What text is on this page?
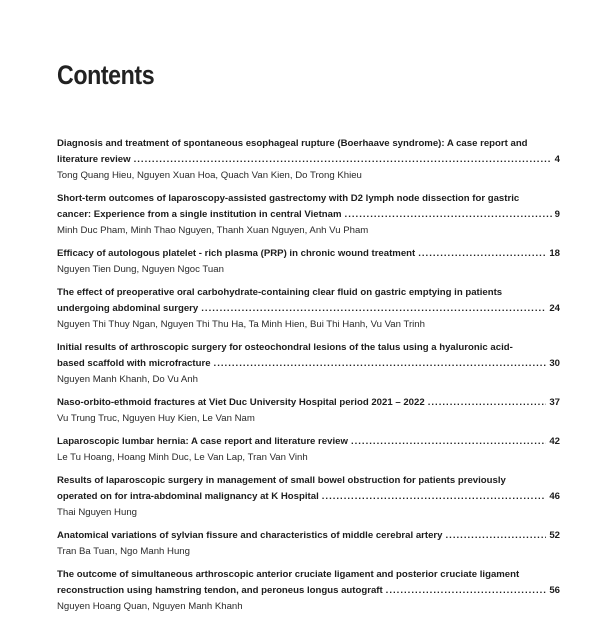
Contents
Diagnosis and treatment of spontaneous esophageal rupture (Boerhaave syndrome): A case report and
literature review .....	4
Tong Quang Hieu, Nguyen Xuan Hoa, Quach Van Kien, Do Trong Khieu
Short-term outcomes of laparoscopy-assisted gastrectomy with D2 lymph node dissection for gastric
cancer: Experience from a single institution in central Vietnam .....	9
Minh Duc Pham, Minh Thao Nguyen, Thanh Xuan Nguyen, Anh Vu Pham
Efficacy of autologous platelet - rich plasma (PRP) in chronic wound treatment .....	18
Nguyen Tien Dung, Nguyen Ngoc Tuan
The effect of preoperative oral carbohydrate-containing clear fluid on gastric emptying in patients
undergoing abdominal surgery .....	24
Nguyen Thi Thuy Ngan, Nguyen Thi Thu Ha, Ta Minh Hien, Bui Thi Hanh, Vu Van Trinh
Initial results of arthroscopic surgery for osteochondral lesions of the talus using a hyaluronic acid-
based scaffold with microfracture .....	30
Nguyen Manh Khanh, Do Vu Anh
Naso-orbito-ethmoid fractures at Viet Duc University Hospital period 2021 – 2022 .....	37
Vu Trung Truc, Nguyen Huy Kien, Le Van Nam
Laparoscopic lumbar hernia: A case report and literature review .....	42
Le Tu Hoang, Hoang Minh Duc, Le Van Lap, Tran Van Vinh
Results of laparoscopic surgery in management of small bowel obstruction for patients previously
operated on for intra-abdominal malignancy at K Hospital .....	46
Thai Nguyen Hung
Anatomical variations of sylvian fissure and characteristics of middle cerebral artery .....	52
Tran Ba Tuan, Ngo Manh Hung
The outcome of simultaneous arthroscopic anterior cruciate ligament and posterior cruciate ligament
reconstruction using hamstring tendon, and peroneus longus autograft .....	56
Nguyen Hoang Quan, Nguyen Manh Khanh
